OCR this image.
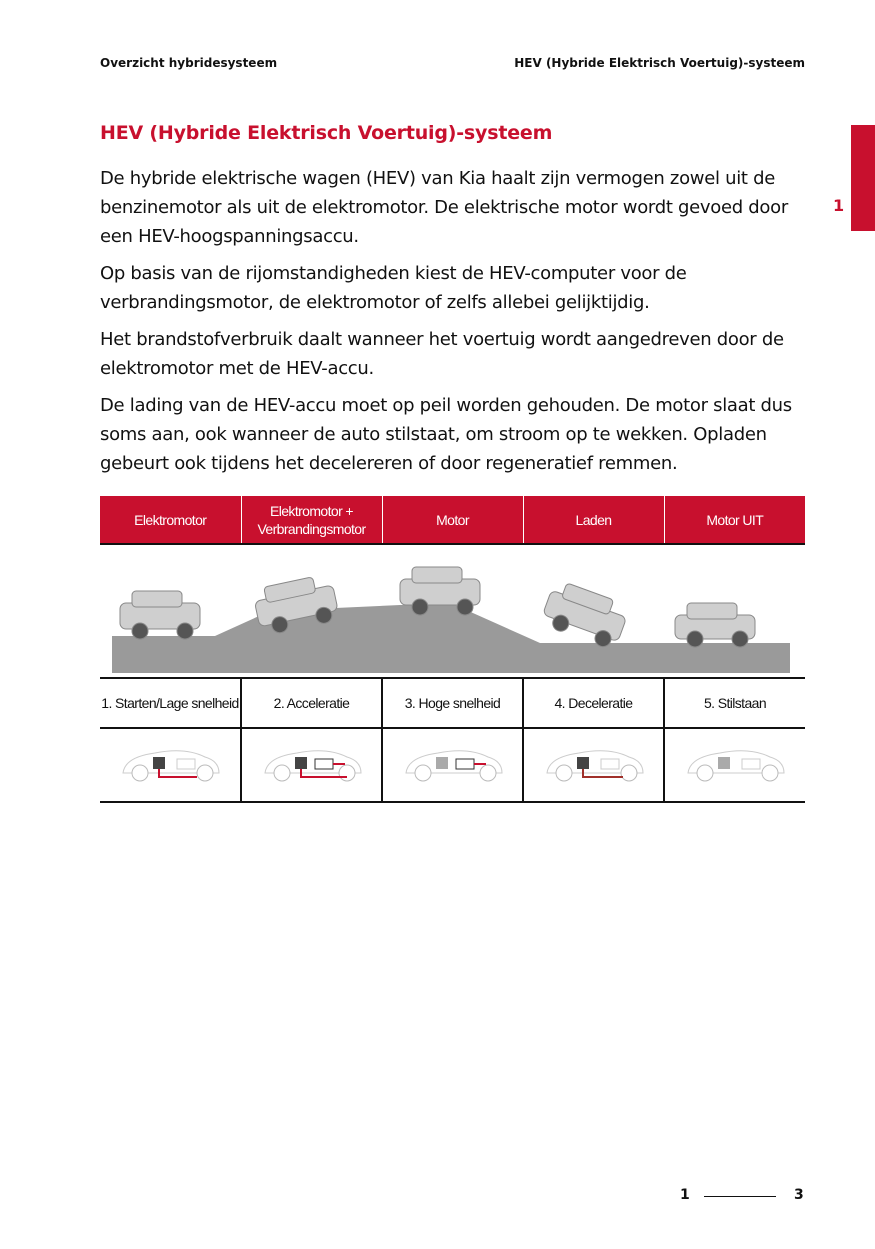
Overzicht hybridesysteem	HEV (Hybride Elektrisch Voertuig)-systeem
1
HEV (Hybride Elektrisch Voertuig)-systeem

De hybride elektrische wagen (HEV) van Kia haalt zijn vermogen zowel uit de benzinemotor als uit de elektromotor. De elektrische motor wordt gevoed door een HEV-hoogspanningsaccu.

Op basis van de rijomstandigheden kiest de HEV-computer voor de verbrandingsmotor, de elektromotor of zelfs allebei gelijktijdig.

Het brandstofverbruik daalt wanneer het voertuig wordt aangedreven door de elektromotor met de HEV-accu.

De lading van de HEV-accu moet op peil worden gehouden. De motor slaat dus soms aan, ook wanneer de auto stilstaat, om stroom op te wekken. Opladen gebeurt ook tijdens het decelereren of door regeneratief remmen.

Elektromotor	Elektromotor + Verbrandingsmotor	Motor	Laden	Motor UIT

1. Starten/Lage snelheid	2. Acceleratie	3. Hoge snelheid	4. Deceleratie	5. Stilstaan

1	3
